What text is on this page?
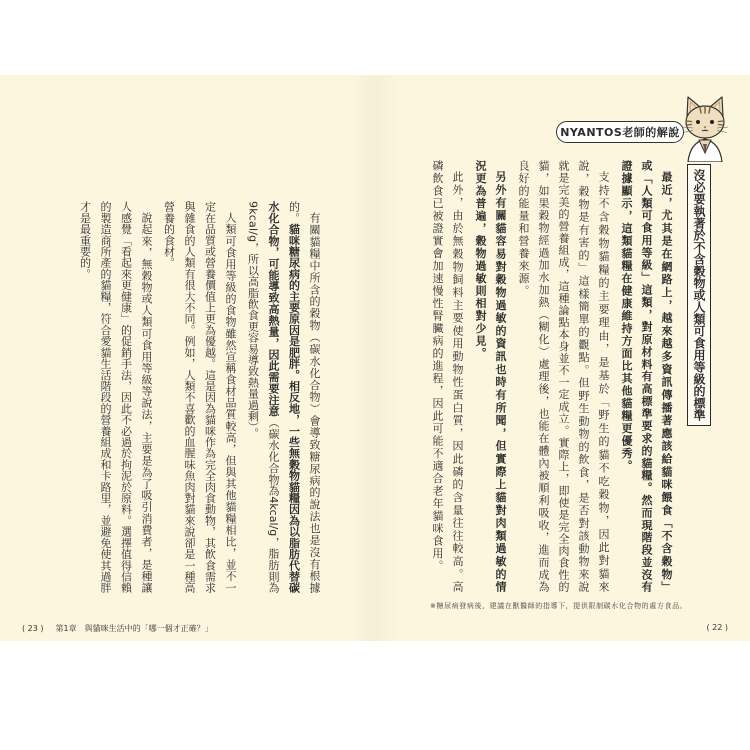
NYANTOS老師的解說
沒必要執著於不含穀物或人類可食用等級的標準
最近，尤其是在網路上，越來越多資訊傳播著應該給貓咪餵食「不含穀物」
或「人類可食用等級」這類，對原材料有高標準要求的貓糧。然而現階段並沒有
證據顯示，這類貓糧在健康維持方面比其他貓糧更優秀。
支持不含穀物貓糧的主要理由，是基於「野生的貓不吃穀物，因此對貓來
說，穀物是有害的」這樣簡單的觀點。但野生動物的飲食，是否對該動物來說
就是完美的營養組成，這種論點本身並不一定成立。實際上，即使是完全肉食性的
貓，如果穀物經過加水加熱（糊化）處理後，也能在體內被順利吸收，進而成為
良好的能量和營養來源。
另外有關貓容易對穀物過敏的資訊也時有所聞，但實際上貓對肉類過敏的情
況更為普遍，穀物過敏則相對少見。
此外，由於無穀物飼料主要使用動物性蛋白質，因此磷的含量往往較高。高
磷飲食已被證實會加速慢性腎臟病的進程，因此可能不適合老年貓咪食用。
有關貓糧中所含的穀物（碳水化合物）會導致糖尿病的說法也是沒有根據
的。貓咪糖尿病的主要原因是肥胖。相反地，一些無穀物貓糧因為以脂肪代替碳
水化合物，可能導致高熱量，因此需要注意（碳水化合物為4kcal/g，脂肪則為
9kcal/g，所以高脂飲食更容易導致熱量過剩）。
人類可食用等級的食物雖然宣稱食材品質較高，但與其他貓糧相比，並不一
定在品質或營養價值上更為優越。這是因為貓咪作為完全肉食動物，其飲食需求
與雜食的人類有很大不同。例如，人類不喜歡的血腥味魚肉對貓來說卻是一種高
營養的食材。
說起來，無穀物或人類可食用等級等說法，主要是為了吸引消費者，是種讓
人感覺「看起來更健康」的促銷手法，因此不必過於拘泥於原料。選擇值得信賴
的製造商所產的貓糧，符合愛貓生活階段的營養組成和卡路里，並避免使其過胖
才是最重要的。
※糖尿病發病後，建議在獸醫師的指導下，提供限制碳水化合物的處方食品。
( 23 ) 第1章 與貓咪生活中的「哪一個才正確？」	( 22 )
